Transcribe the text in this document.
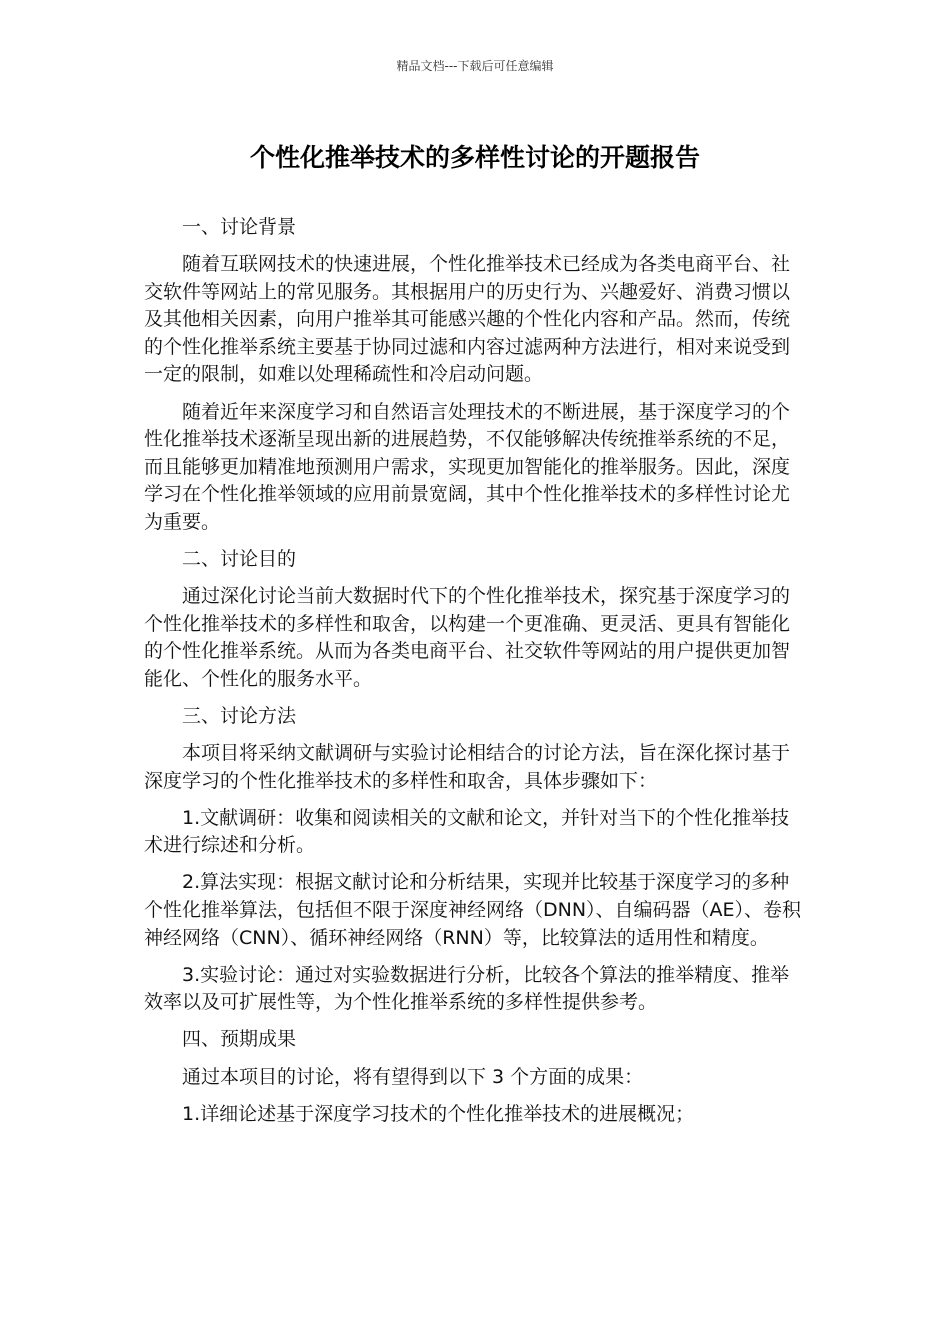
精品文档---下载后可任意编辑
个性化推举技术的多样性讨论的开题报告

一、讨论背景

随着互联网技术的快速进展，个性化推举技术已经成为各类电商平台、社交软件等网站上的常见服务。其根据用户的历史行为、兴趣爱好、消费习惯以及其他相关因素，向用户推举其可能感兴趣的个性化内容和产品。然而，传统的个性化推举系统主要基于协同过滤和内容过滤两种方法进行，相对来说受到一定的限制，如难以处理稀疏性和冷启动问题。

随着近年来深度学习和自然语言处理技术的不断进展，基于深度学习的个性化推举技术逐渐呈现出新的进展趋势，不仅能够解决传统推举系统的不足，而且能够更加精准地预测用户需求，实现更加智能化的推举服务。因此，深度学习在个性化推举领域的应用前景宽阔，其中个性化推举技术的多样性讨论尤为重要。

二、讨论目的

通过深化讨论当前大数据时代下的个性化推举技术，探究基于深度学习的个性化推举技术的多样性和取舍，以构建一个更准确、更灵活、更具有智能化的个性化推举系统。从而为各类电商平台、社交软件等网站的用户提供更加智能化、个性化的服务水平。

三、讨论方法

本项目将采纳文献调研与实验讨论相结合的讨论方法，旨在深化探讨基于深度学习的个性化推举技术的多样性和取舍，具体步骤如下：

1.文献调研：收集和阅读相关的文献和论文，并针对当下的个性化推举技术进行综述和分析。

2.算法实现：根据文献讨论和分析结果，实现并比较基于深度学习的多种个性化推举算法，包括但不限于深度神经网络（DNN）、自编码器（AE）、卷积神经网络（CNN）、循环神经网络（RNN）等，比较算法的适用性和精度。

3.实验讨论：通过对实验数据进行分析，比较各个算法的推举精度、推举效率以及可扩展性等，为个性化推举系统的多样性提供参考。

四、预期成果

通过本项目的讨论，将有望得到以下 3 个方面的成果：

1.详细论述基于深度学习技术的个性化推举技术的进展概况；
